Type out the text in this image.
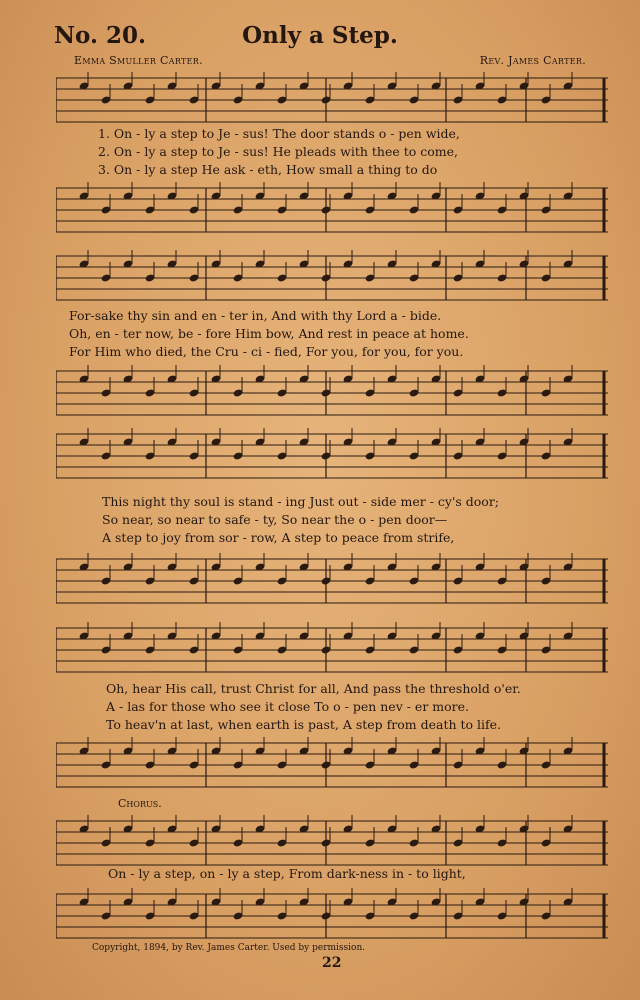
No. 20.	Only a Step.
Emma Smuller Carter.	Rev. James Carter.
1. On - ly a step to Je - sus! The door stands o - pen wide,
2. On - ly a step to Je - sus! He pleads with thee to come,
3. On - ly a step He ask - eth, How small a thing to do
For-sake thy sin and en - ter in, And with thy Lord a - bide.
Oh, en - ter now, be - fore Him bow, And rest in peace at home.
For Him who died, the Cru - ci - fied, For you, for you, for you.
This night thy soul is stand - ing Just out - side mer - cy's door;
So near, so near to safe - ty, So near the o - pen door—
A step to joy from sor - row, A step to peace from strife,
Oh, hear His call, trust Christ for all, And pass the threshold o'er.
A - las for those who see it close To o - pen nev - er more.
To heav'n at last, when earth is past, A step from death to life.
Chorus.
On - ly a step, on - ly a step, From dark-ness in - to light,
Copyright, 1894, by Rev. James Carter. Used by permission.
22
